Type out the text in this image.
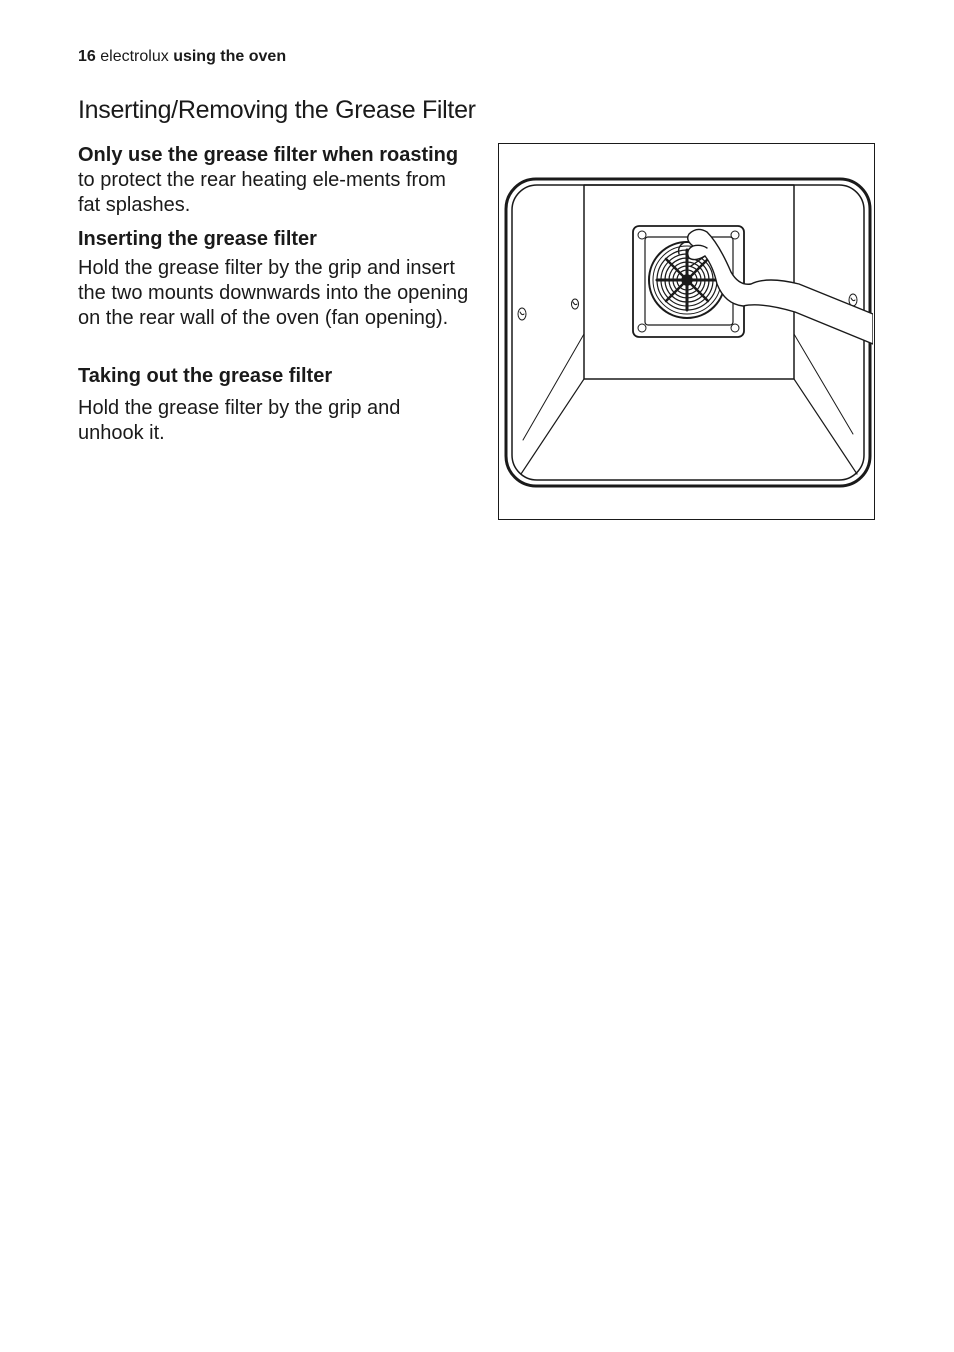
16 electrolux using the oven
Inserting/Removing the Grease Filter

Only use the grease filter when roasting to protect the rear heating ele-ments from fat splashes.

Inserting the grease filter

Hold the grease filter by the grip and insert the two mounts downwards into the opening on the rear wall of the oven (fan opening).

Taking out the grease filter

Hold the grease filter by the grip and unhook it.
